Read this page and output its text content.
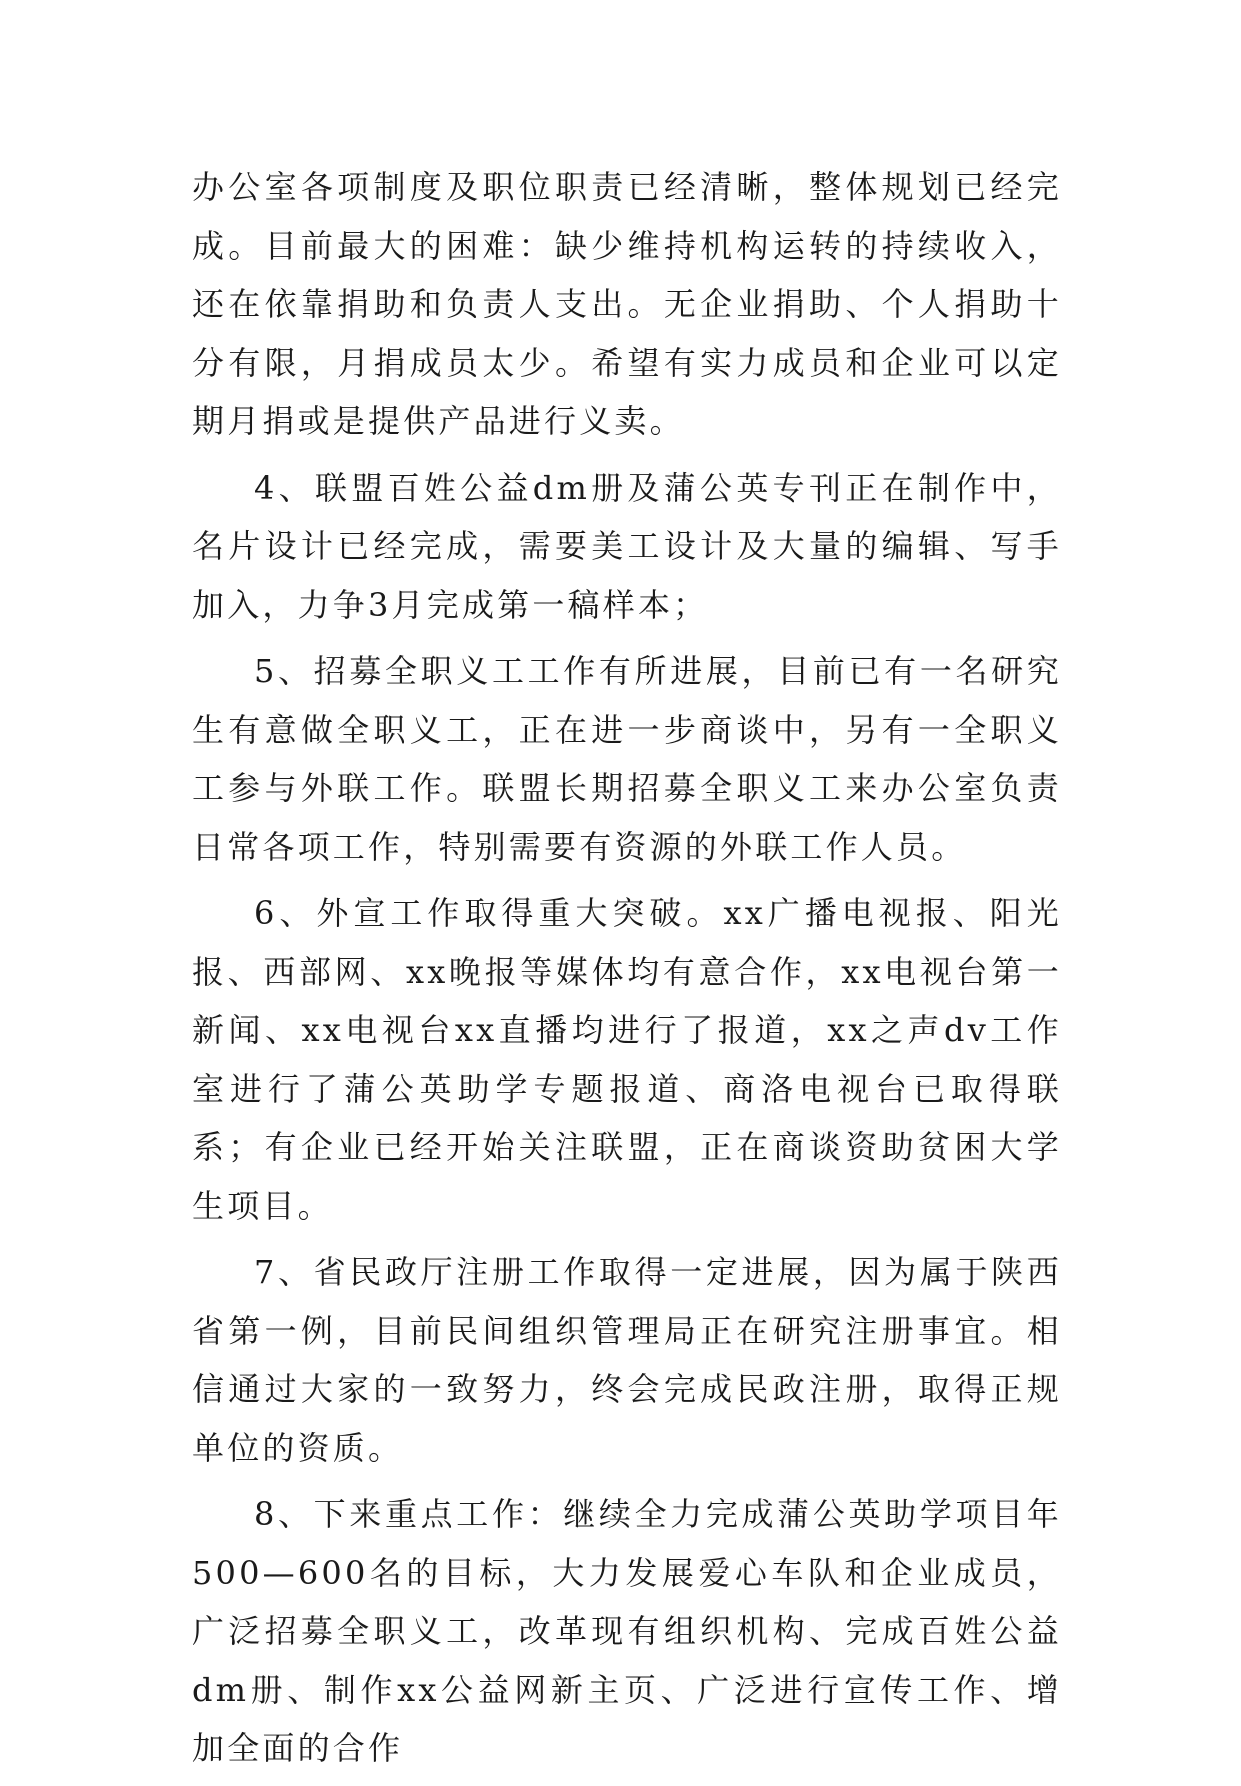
办公室各项制度及职位职责已经清晰，整体规划已经完成。目前最大的困难：缺少维持机构运转的持续收入，还在依靠捐助和负责人支出。无企业捐助、个人捐助十分有限，月捐成员太少。希望有实力成员和企业可以定期月捐或是提供产品进行义卖。

4、联盟百姓公益dm册及蒲公英专刊正在制作中，名片设计已经完成，需要美工设计及大量的编辑、写手加入，力争3月完成第一稿样本；

5、招募全职义工工作有所进展，目前已有一名研究生有意做全职义工，正在进一步商谈中，另有一全职义工参与外联工作。联盟长期招募全职义工来办公室负责日常各项工作，特别需要有资源的外联工作人员。

6、外宣工作取得重大突破。xx广播电视报、阳光报、西部网、xx晚报等媒体均有意合作，xx电视台第一新闻、xx电视台xx直播均进行了报道，xx之声dv工作室进行了蒲公英助学专题报道、商洛电视台已取得联系；有企业已经开始关注联盟，正在商谈资助贫困大学生项目。

7、省民政厅注册工作取得一定进展，因为属于陕西省第一例，目前民间组织管理局正在研究注册事宜。相信通过大家的一致努力，终会完成民政注册，取得正规单位的资质。

8、下来重点工作：继续全力完成蒲公英助学项目年500—600名的目标，大力发展爱心车队和企业成员，广泛招募全职义工，改革现有组织机构、完成百姓公益dm册、制作xx公益网新主页、广泛进行宣传工作、增加全面的合作
